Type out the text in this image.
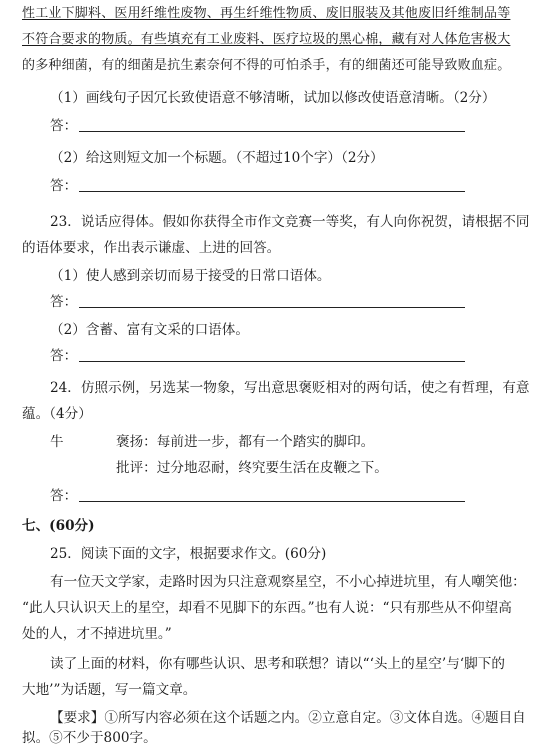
性工业下脚料、医用纤维性废物、再生纤维性物质、废旧服装及其他废旧纤维制品等
不符合要求的物质。有些填充有工业废料、医疗垃圾的黑心棉，藏有对人体危害极大
的多种细菌，有的细菌是抗生素奈何不得的可怕杀手，有的细菌还可能导致败血症。
（1）画线句子因冗长致使语意不够清晰，试加以修改使语意清晰。（2分）
答：
（2）给这则短文加一个标题。（不超过10个字）（2分）
答：
23．说话应得体。假如你获得全市作文竞赛一等奖，有人向你祝贺，请根据不同
的语体要求，作出表示谦虚、上进的回答。
（1）使人感到亲切而易于接受的日常口语体。
答：
（2）含蓄、富有文采的口语体。
答：
24．仿照示例，另选某一物象，写出意思褒贬相对的两句话，使之有哲理，有意
蕴。（4分）
牛	褒扬：每前进一步，都有一个踏实的脚印。
批评：过分地忍耐，终究要生活在皮鞭之下。
答：
七、(60分)
25．阅读下面的文字，根据要求作文。(60分)
有一位天文学家，走路时因为只注意观察星空，不小心掉进坑里，有人嘲笑他：
“此人只认识天上的星空，却看不见脚下的东西。”也有人说：“只有那些从不仰望高
处的人，才不掉进坑里。”
读了上面的材料，你有哪些认识、思考和联想？请以“‘头上的星空’与‘脚下的
大地’”为话题，写一篇文章。
【要求】①所写内容必须在这个话题之内。②立意自定。③文体自选。④题目自
拟。⑤不少于800字。
